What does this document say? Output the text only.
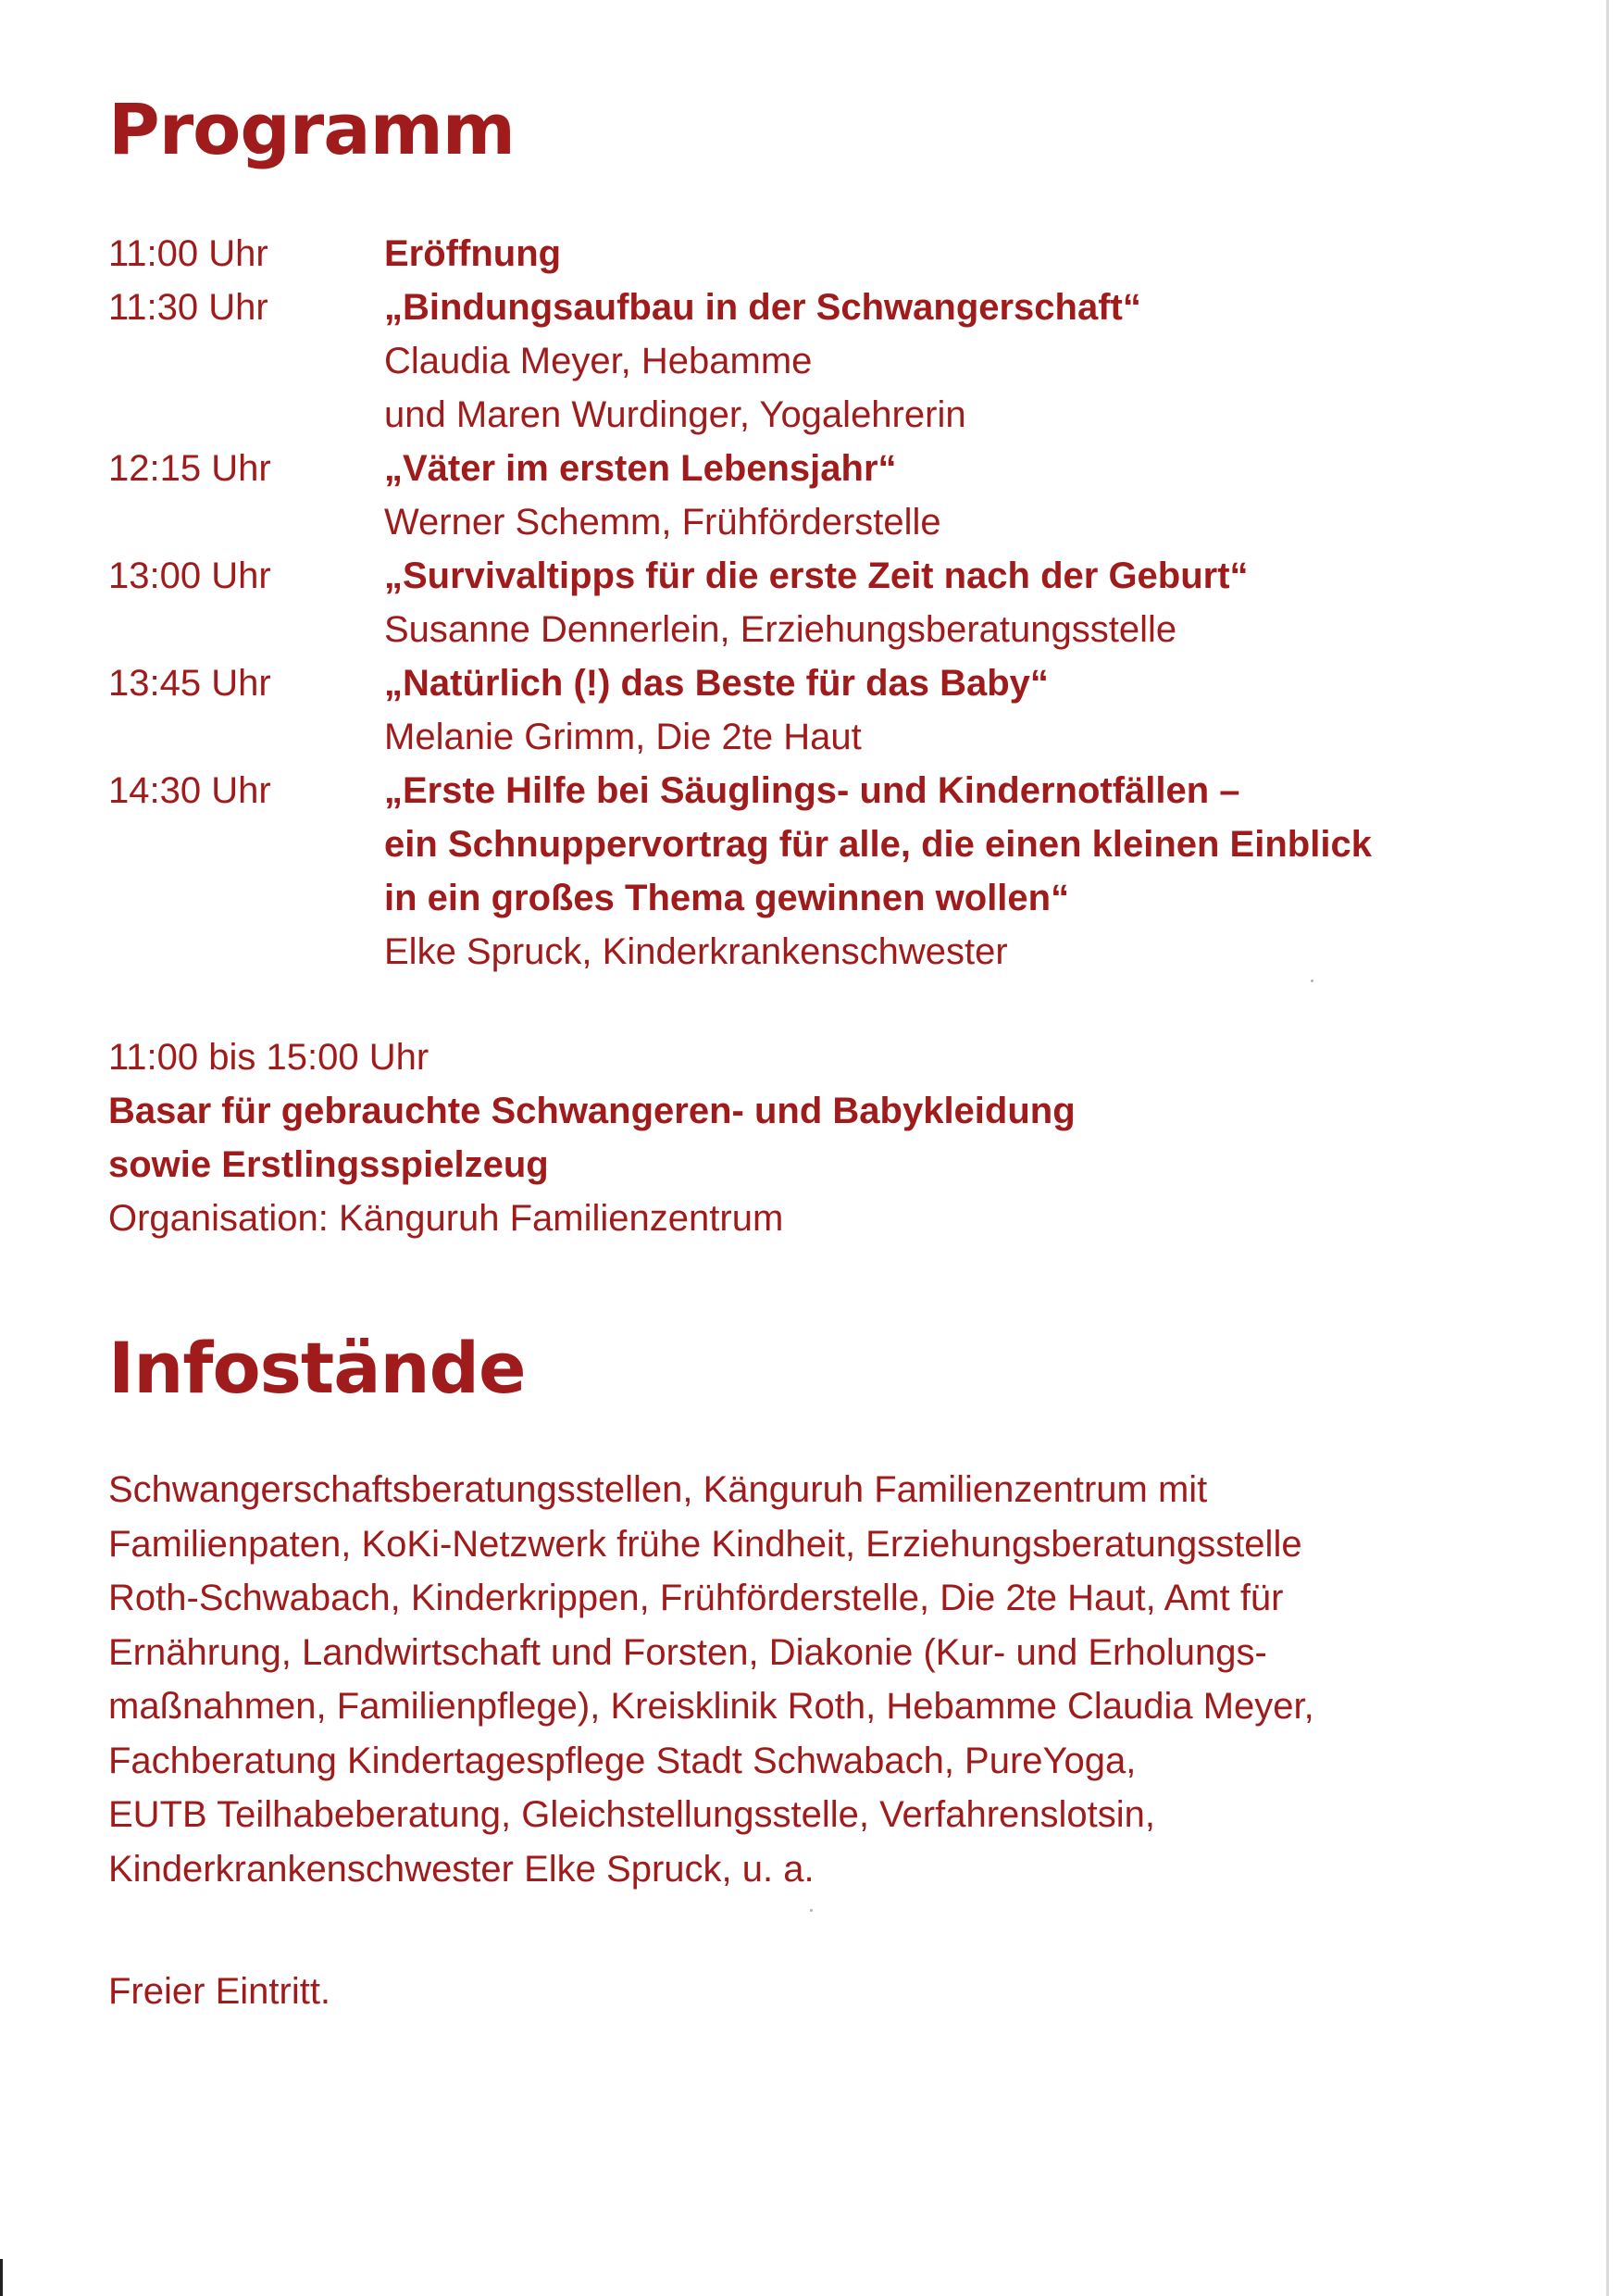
Programm
11:00 Uhr	Eröffnung
11:30 Uhr	„Bindungsaufbau in der Schwangerschaft“
Claudia Meyer, Hebamme
und Maren Wurdinger, Yogalehrerin
12:15 Uhr	„Väter im ersten Lebensjahr“
Werner Schemm, Frühförderstelle
13:00 Uhr	„Survivaltipps für die erste Zeit nach der Geburt“
Susanne Dennerlein, Erziehungsberatungsstelle
13:45 Uhr	„Natürlich (!) das Beste für das Baby“
Melanie Grimm, Die 2te Haut
14:30 Uhr	„Erste Hilfe bei Säuglings- und Kindernotfällen –
ein Schnuppervortrag für alle, die einen kleinen Einblick
in ein großes Thema gewinnen wollen“
Elke Spruck, Kinderkrankenschwester
11:00 bis 15:00 Uhr
Basar für gebrauchte Schwangeren- und Babykleidung
sowie Erstlingsspielzeug
Organisation: Känguruh Familienzentrum
Infostände
Schwangerschaftsberatungsstellen, Känguruh Familienzentrum mit
Familienpaten, KoKi-Netzwerk frühe Kindheit, Erziehungsberatungsstelle
Roth-Schwabach, Kinderkrippen, Frühförderstelle, Die 2te Haut, Amt für
Ernährung, Landwirtschaft und Forsten, Diakonie (Kur- und Erholungs-
maßnahmen, Familienpflege), Kreisklinik Roth, Hebamme Claudia Meyer,
Fachberatung Kindertagespflege Stadt Schwabach, PureYoga,
EUTB Teilhabeberatung, Gleichstellungsstelle, Verfahrenslotsin,
Kinderkrankenschwester Elke Spruck, u. a.
Freier Eintritt.
